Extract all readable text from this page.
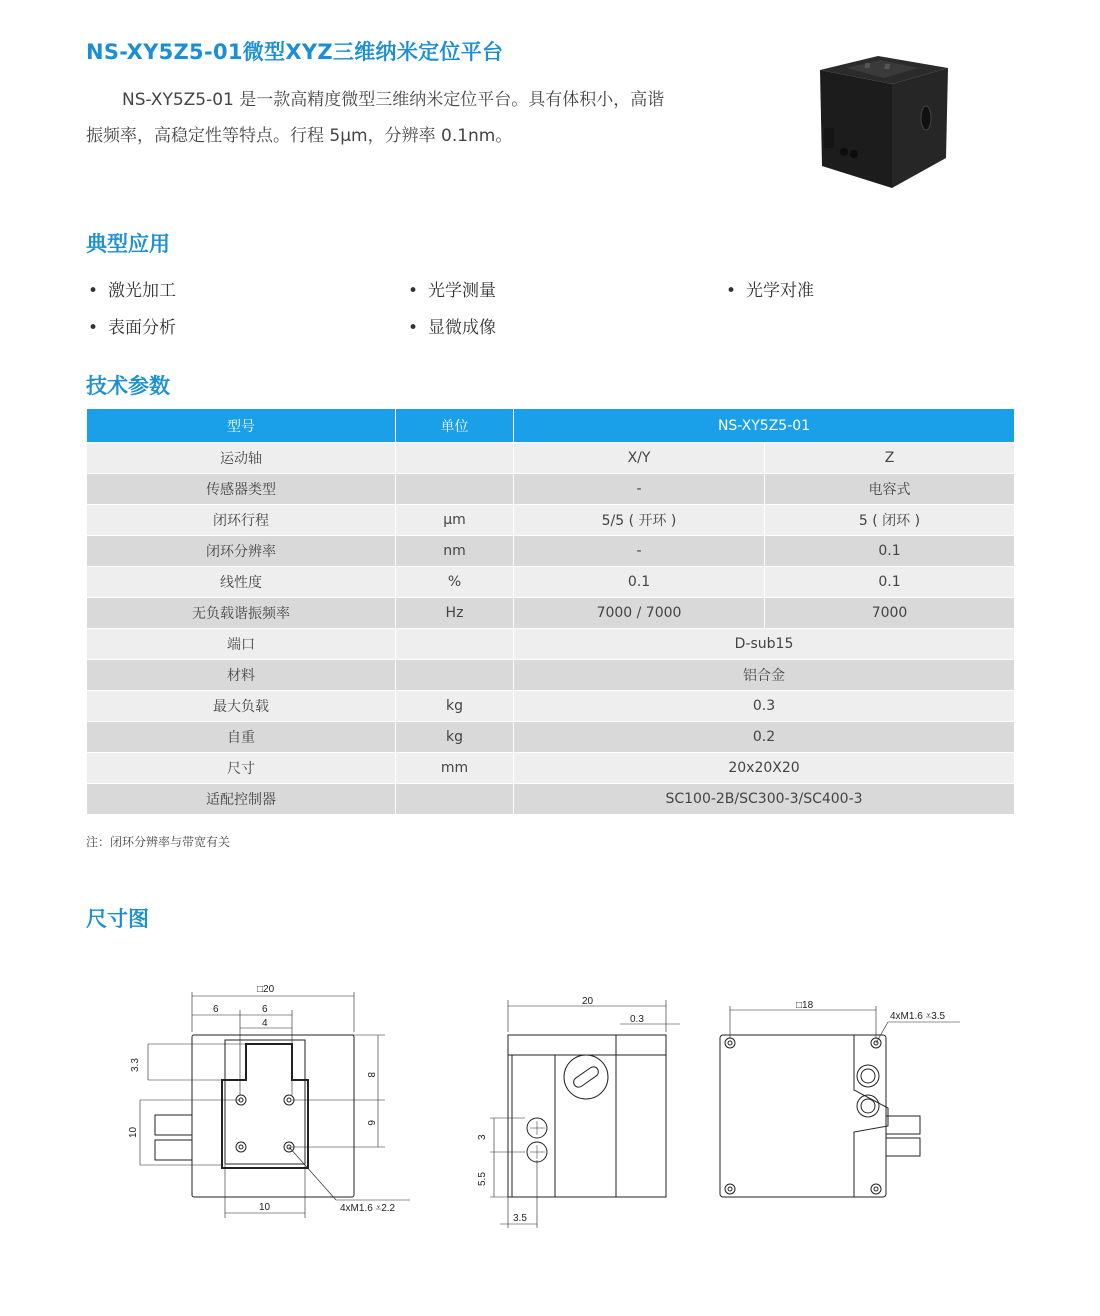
NS-XY5Z5-01微型XYZ三维纳米定位平台

NS-XY5Z5-01 是一款高精度微型三维纳米定位平台。具有体积小，高谐

振频率，高稳定性等特点。行程 5μm，分辨率 0.1nm。
典型应用
• 激光加工	• 光学测量	• 光学对准
• 表面分析	• 显微成像
技术参数
型号	单位	NS-XY5Z5-01	
运动轴		X/Y	Z
传感器类型		-	电容式
闭环行程	μm	5/5 ( 开环 )	5 ( 闭环 )
闭环分辨率	nm	-	0.1
线性度	%	0.1	0.1
无负载谐振频率	Hz	7000 / 7000	7000
端口		D-sub15	
材料		铝合金	
最大负载	kg	0.3	
自重	kg	0.2	
尺寸	mm	20x20X20	
适配控制器		SC100-2B/SC300-3/SC400-3	
注：闭环分辨率与带宽有关
尺寸图
□20
6	6
4
3.3
10
8
6
10	4xM1.6 ⩡2.2
20
0.3
3
5.5
3.5
□18
4xM1.6 ⩡3.5
